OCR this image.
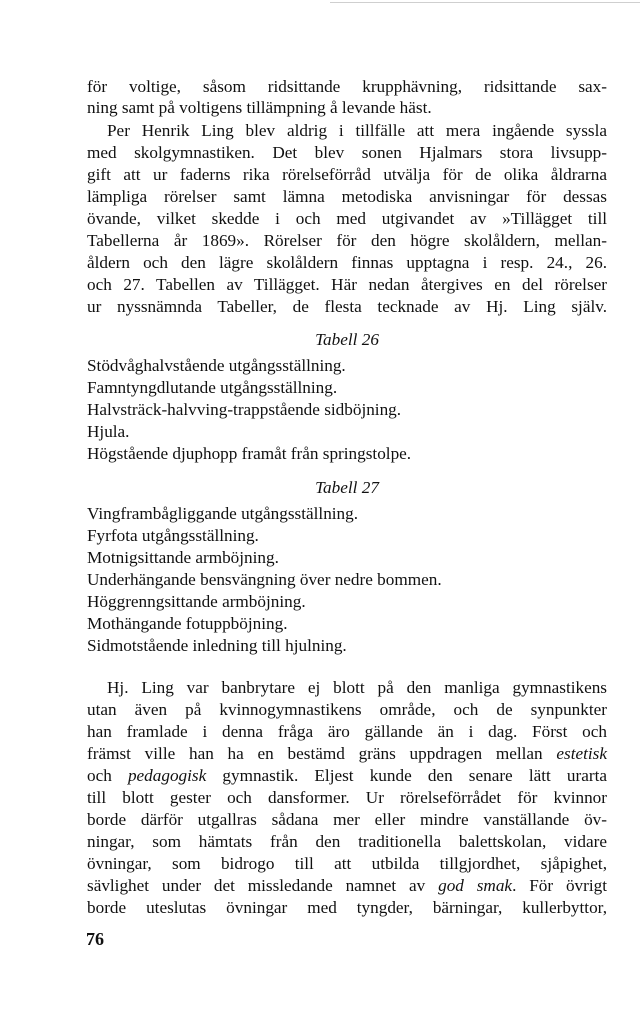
för voltige, såsom ridsittande krupphävning, ridsittande sax-
ning samt på voltigens tillämpning å levande häst.
Per Henrik Ling blev aldrig i tillfälle att mera ingående syssla
med skolgymnastiken. Det blev sonen Hjalmars stora livsupp-
gift att ur faderns rika rörelseförråd utvälja för de olika åldrarna
lämpliga rörelser samt lämna metodiska anvisningar för dessas
övande, vilket skedde i och med utgivandet av »Tillägget till
Tabellerna år 1869». Rörelser för den högre skolåldern, mellan-
åldern och den lägre skolåldern finnas upptagna i resp. 24., 26.
och 27. Tabellen av Tillägget. Här nedan återgives en del rörelser
ur nyssnämnda Tabeller, de flesta tecknade av Hj. Ling själv.
Tabell 26
Stödvåghalvstående utgångsställning.
Famntyngdlutande utgångsställning.
Halvsträck-halvving-trappstående sidböjning.
Hjula.
Högstående djuphopp framåt från springstolpe.
Tabell 27
Vingframbågliggande utgångsställning.
Fyrfota utgångsställning.
Motnigsittande armböjning.
Underhängande bensvängning över nedre bommen.
Höggrenngsittande armböjning.
Mothängande fotuppböjning.
Sidmotstående inledning till hjulning.
Hj. Ling var banbrytare ej blott på den manliga gymnastikens
utan även på kvinnogymnastikens område, och de synpunkter
han framlade i denna fråga äro gällande än i dag. Först och
främst ville han ha en bestämd gräns uppdragen mellan estetisk
och pedagogisk gymnastik. Eljest kunde den senare lätt urarta
till blott gester och dansformer. Ur rörelseförrådet för kvinnor
borde därför utgallras sådana mer eller mindre vanställande öv-
ningar, som hämtats från den traditionella balettskolan, vidare
övningar, som bidrogo till att utbilda tillgjordhet, sjåpighet,
sävlighet under det missledande namnet av god smak. För övrigt
borde uteslutas övningar med tyngder, bärningar, kullerbyttor,
76
